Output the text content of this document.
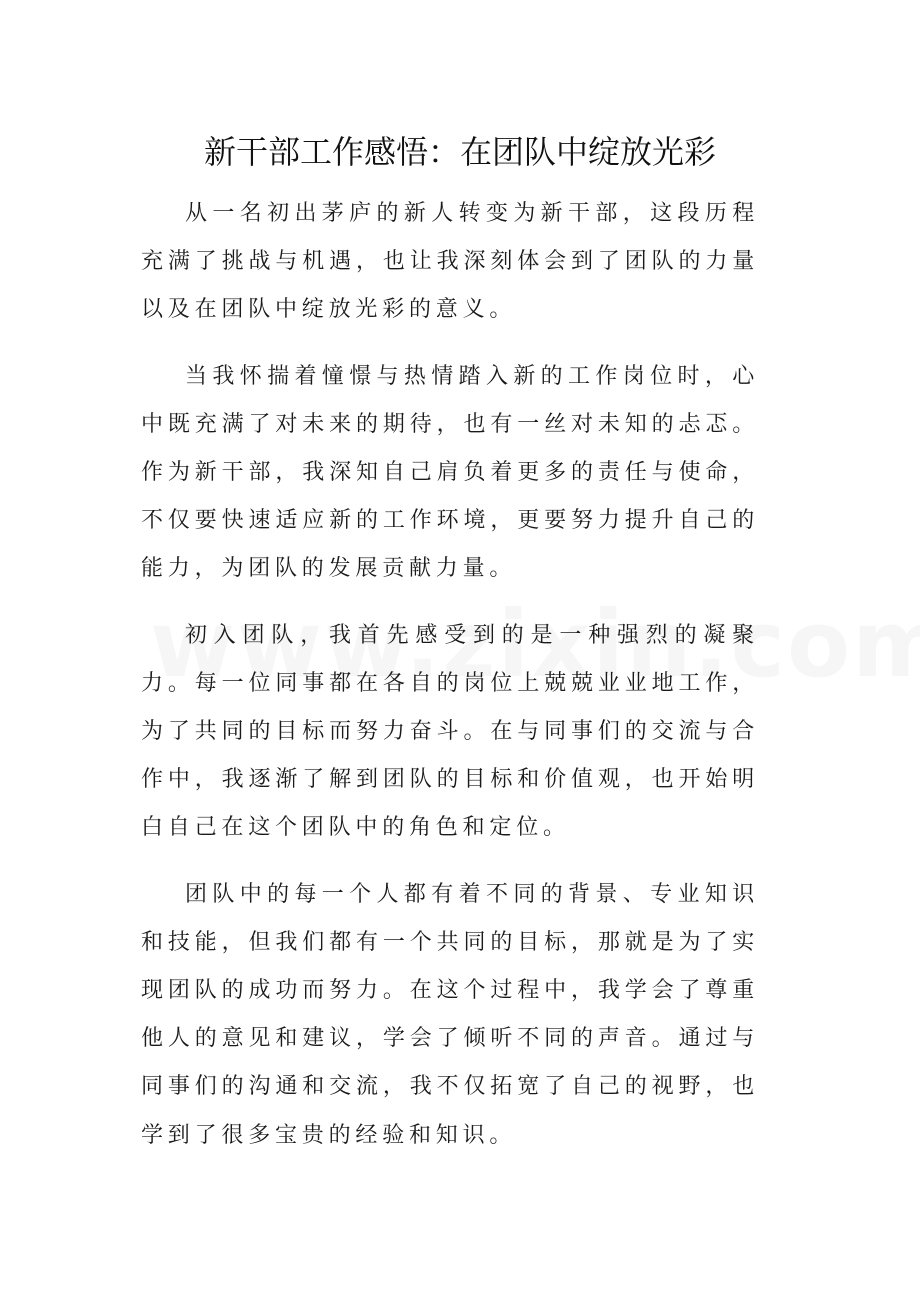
新干部工作感悟：在团队中绽放光彩

从一名初出茅庐的新人转变为新干部，这段历程充满了挑战与机遇，也让我深刻体会到了团队的力量以及在团队中绽放光彩的意义。

当我怀揣着憧憬与热情踏入新的工作岗位时，心中既充满了对未来的期待，也有一丝对未知的忐忑。作为新干部，我深知自己肩负着更多的责任与使命，不仅要快速适应新的工作环境，更要努力提升自己的能力，为团队的发展贡献力量。

初入团队，我首先感受到的是一种强烈的凝聚力。每一位同事都在各自的岗位上兢兢业业地工作，为了共同的目标而努力奋斗。在与同事们的交流与合作中，我逐渐了解到团队的目标和价值观，也开始明白自己在这个团队中的角色和定位。

团队中的每一个人都有着不同的背景、专业知识和技能，但我们都有一个共同的目标，那就是为了实现团队的成功而努力。在这个过程中，我学会了尊重他人的意见和建议，学会了倾听不同的声音。通过与同事们的沟通和交流，我不仅拓宽了自己的视野，也学到了很多宝贵的经验和知识。
